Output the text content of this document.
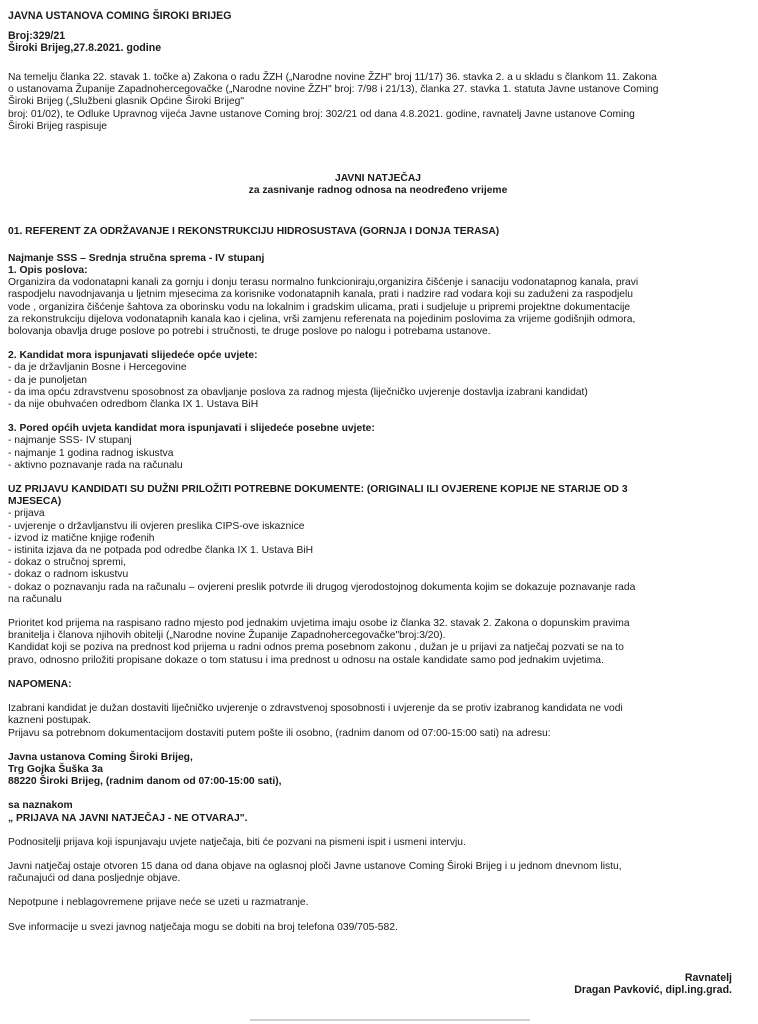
JAVNA USTANOVA COMING ŠIROKI BRIJEG
Broj:329/21
Široki Brijeg,27.8.2021. godine
Na temelju članka 22. stavak 1. točke a) Zakona o radu ŽZH („Narodne novine ŽZH" broj 11/17) 36. stavka 2. a u skladu s člankom 11. Zakona
o ustanovama Županije Zapadnohercegovačke („Narodne novine ŽZH" broj: 7/98 i 21/13), članka 27. stavka 1. statuta Javne ustanove Coming
Široki Brijeg („Službeni glasnik Općine Široki Brijeg"
broj: 01/02), te Odluke Upravnog vijeća Javne ustanove Coming broj: 302/21 od dana 4.8.2021. godine, ravnatelj Javne ustanove Coming
Široki Brijeg raspisuje
JAVNI NATJEČAJ
za zasnivanje radnog odnosa na neodređeno vrijeme
01. REFERENT ZA ODRŽAVANJE I REKONSTRUKCIJU HIDROSUSTAVA (GORNJA I DONJA TERASA)
Najmanje SSS – Srednja stručna sprema - IV stupanj
1. Opis poslova:
Organizira da vodonatapni kanali za gornju i donju terasu normalno funkcioniraju,organizira čišćenje i sanaciju vodonatapnog kanala, pravi
raspodjelu navodnjavanja u ljetnim mjesecima za korisnike vodonatapnih kanala, prati i nadzire rad vodara koji su zaduženi za raspodjelu
vode , organizira čišćenje šahtova za oborinsku vodu na lokalnim i gradskim ulicama, prati i sudjeluje u pripremi projektne dokumentacije
za rekonstrukciju dijelova vodonatapnih kanala kao i cjelina, vrši zamjenu referenata na pojedinim poslovima za vrijeme godišnjih odmora,
bolovanja obavlja druge poslove po potrebi i stručnosti, te druge poslove po nalogu i potrebama ustanove.
2. Kandidat mora ispunjavati slijedeće opće uvjete:
- da je državljanin Bosne i Hercegovine
- da je punoljetan
- da ima opću zdravstvenu sposobnost za obavljanje poslova za radnog mjesta (liječničko uvjerenje dostavlja izabrani kandidat)
- da nije obuhvaćen odredbom članka IX 1. Ustava BiH
3. Pored općih uvjeta kandidat mora ispunjavati i slijedeće posebne uvjete:
- najmanje SSS- IV stupanj
- najmanje 1 godina radnog iskustva
- aktivno poznavanje rada na računalu
UZ PRIJAVU KANDIDATI SU DUŽNI PRILOŽITI POTREBNE DOKUMENTE: (ORIGINALI ILI OVJERENE KOPIJE NE STARIJE OD 3
MJESECA)
- prijava
- uvjerenje o državljanstvu ili ovjeren preslika CIPS-ove iskaznice
- izvod iz matične knjige rođenih
- istinita izjava da ne potpada pod odredbe članka IX 1. Ustava BiH
- dokaz o stručnoj spremi,
- dokaz o radnom iskustvu
- dokaz o poznavanju rada na računalu – ovjereni preslik potvrde ili drugog vjerodostojnog dokumenta kojim se dokazuje poznavanje rada
na računalu
Prioritet kod prijema na raspisano radno mjesto pod jednakim uvjetima imaju osobe iz članka 32. stavak 2. Zakona o dopunskim pravima
branitelja i članova njihovih obitelji („Narodne novine Županije Zapadnohercegovačke"broj:3/20).
Kandidat koji se poziva na prednost kod prijema u radni odnos prema posebnom zakonu , dužan je u prijavi za natječaj pozvati se na to
pravo, odnosno priložiti propisane dokaze o tom statusu i ima prednost u odnosu na ostale kandidate samo pod jednakim uvjetima.
NAPOMENA:
Izabrani kandidat je dužan dostaviti liječničko uvjerenje o zdravstvenoj sposobnosti i uvjerenje da se protiv izabranog kandidata ne vodi
kazneni postupak.
Prijavu sa potrebnom dokumentacijom dostaviti putem pošte ili osobno, (radnim danom od 07:00-15:00 sati) na adresu:
Javna ustanova Coming Široki Brijeg,
Trg Gojka Šuška 3a
88220 Široki Brijeg, (radnim danom od 07:00-15:00 sati),
sa naznakom
„ PRIJAVA NA JAVNI NATJEČAJ - NE OTVARAJ".
Podnositelji prijava koji ispunjavaju uvjete natječaja, biti će pozvani na pismeni ispit i usmeni intervju.
Javni natječaj ostaje otvoren 15 dana od dana objave na oglasnoj ploči Javne ustanove Coming Široki Brijeg i u jednom dnevnom listu,
računajući od dana posljednje objave.
Nepotpune i neblagovremene prijave neće se uzeti u razmatranje.
Sve informacije u svezi javnog natječaja mogu se dobiti na broj telefona 039/705-582.
Ravnatelj
Dragan Pavković, dipl.ing.grad.
